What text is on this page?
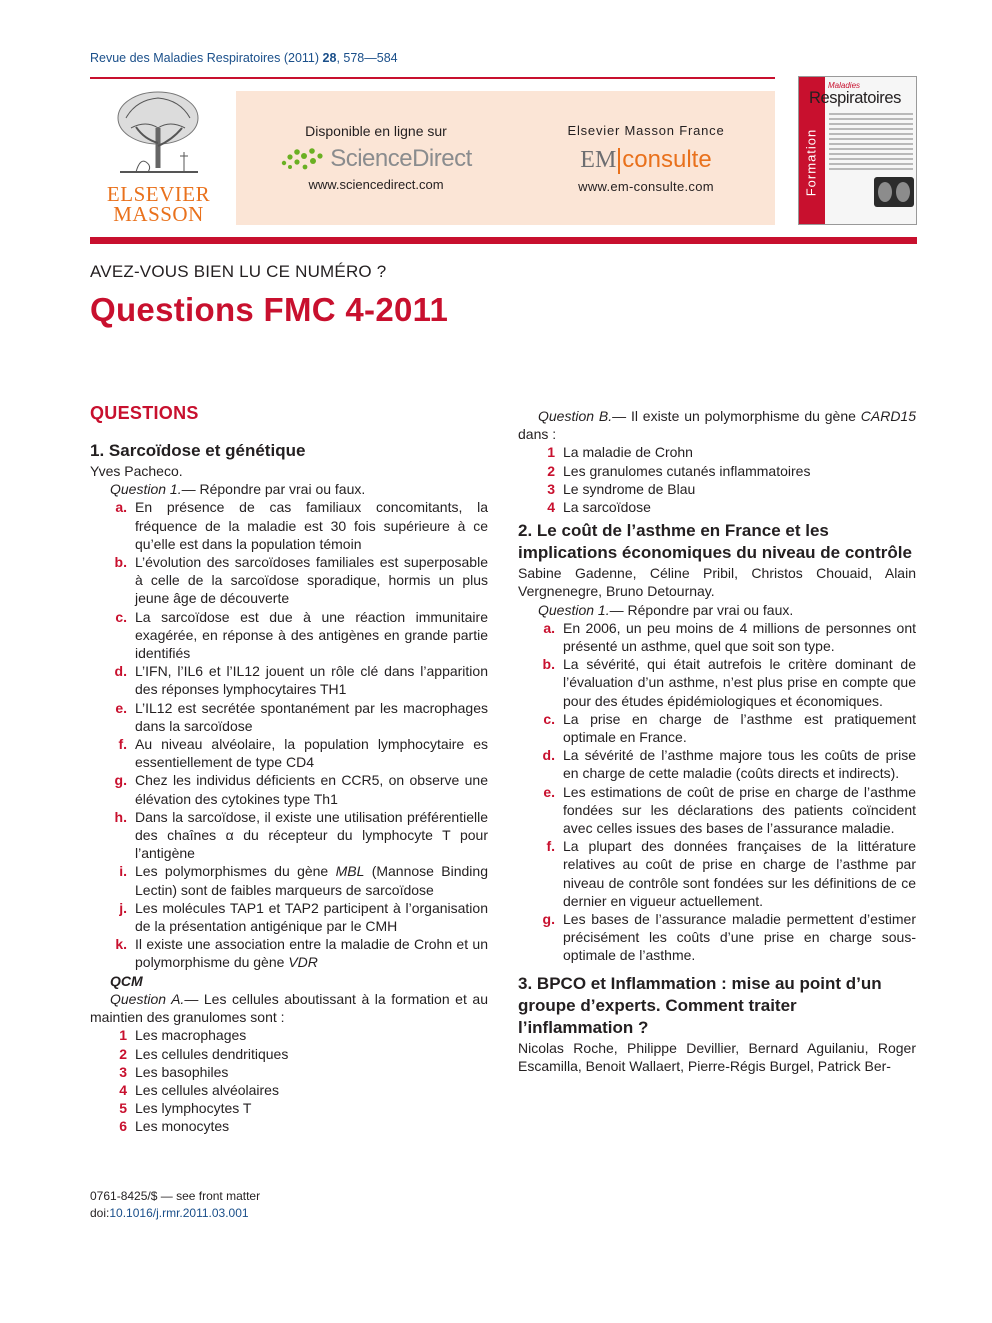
Revue des Maladies Respiratoires (2011) 28, 578—584
ELSEVIER
MASSON
Disponible en ligne sur
ScienceDirect
www.sciencedirect.com
Elsevier Masson France
EM consulte
www.em-consulte.com	Formation
Maladies
Respiratoires
AVEZ-VOUS BIEN LU CE NUMÉRO ?
Questions FMC 4-2011
QUESTIONS
1. Sarcoïdose et génétique
Yves Pacheco.
Question 1.— Répondre par vrai ou faux.
a. En présence de cas familiaux concomitants, la fréquence de la maladie est 30 fois supérieure à ce qu’elle est dans la population témoin
b. L’évolution des sarcoïdoses familiales est superposable à celle de la sarcoïdose sporadique, hormis un plus jeune âge de découverte
c. La sarcoïdose est due à une réaction immunitaire exagérée, en réponse à des antigènes en grande partie identifiés
d. L’IFN, l’IL6 et l’IL12 jouent un rôle clé dans l’apparition des réponses lymphocytaires TH1
e. L’IL12 est secrétée spontanément par les macrophages dans la sarcoïdose
f. Au niveau alvéolaire, la population lymphocytaire es essentiellement de type CD4
g. Chez les individus déficients en CCR5, on observe une élévation des cytokines type Th1
h. Dans la sarcoïdose, il existe une utilisation préférentielle des chaînes α du récepteur du lymphocyte T pour l’antigène
i. Les polymorphismes du gène MBL (Mannose Binding Lectin) sont de faibles marqueurs de sarcoïdose
j. Les molécules TAP1 et TAP2 participent à l’organisation de la présentation antigénique par le CMH
k. Il existe une association entre la maladie de Crohn et un polymorphisme du gène VDR
QCM
Question A.— Les cellules aboutissant à la formation et au maintien des granulomes sont :
1 Les macrophages
2 Les cellules dendritiques
3 Les basophiles
4 Les cellules alvéolaires
5 Les lymphocytes T
6 Les monocytes
Question B.— Il existe un polymorphisme du gène CARD15 dans :
1 La maladie de Crohn
2 Les granulomes cutanés inflammatoires
3 Le syndrome de Blau
4 La sarcoïdose
2. Le coût de l’asthme en France et les implications économiques du niveau de contrôle
Sabine Gadenne, Céline Pribil, Christos Chouaid, Alain Vergnenegre, Bruno Detournay.
Question 1.— Répondre par vrai ou faux.
a. En 2006, un peu moins de 4 millions de personnes ont présenté un asthme, quel que soit son type.
b. La sévérité, qui était autrefois le critère dominant de l’évaluation d’un asthme, n’est plus prise en compte que pour des études épidémiologiques et économiques.
c. La prise en charge de l’asthme est pratiquement optimale en France.
d. La sévérité de l’asthme majore tous les coûts de prise en charge de cette maladie (coûts directs et indirects).
e. Les estimations de coût de prise en charge de l’asthme fondées sur les déclarations des patients coïncident avec celles issues des bases de l’assurance maladie.
f. La plupart des données françaises de la littérature relatives au coût de prise en charge de l’asthme par niveau de contrôle sont fondées sur les définitions de ce dernier en vigueur actuellement.
g. Les bases de l’assurance maladie permettent d’estimer précisément les coûts d’une prise en charge sous-optimale de l’asthme.
3. BPCO et Inflammation : mise au point d’un groupe d’experts. Comment traiter l’inflammation ?
Nicolas Roche, Philippe Devillier, Bernard Aguilaniu, Roger Escamilla, Benoit Wallaert, Pierre-Régis Burgel, Patrick Ber-
0761-8425/$ — see front matter
doi:10.1016/j.rmr.2011.03.001
